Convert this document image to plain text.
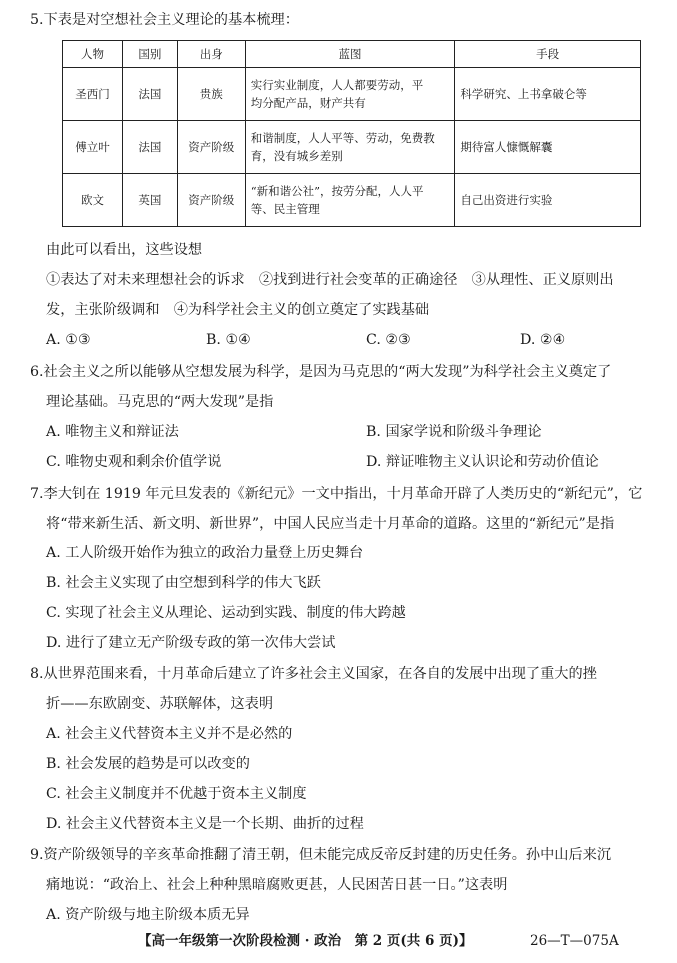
5.下表是对空想社会主义理论的基本梳理：
人物	国别	出身	蓝图	手段
圣西门	法国	贵族	实行实业制度，人人都要劳动，平
均分配产品，财产共有	科学研究、上书拿破仑等
傅立叶	法国	资产阶级	和谐制度，人人平等、劳动，免费教
育，没有城乡差别	期待富人慷慨解囊
欧文	英国	资产阶级	“新和谐公社”，按劳分配，人人平
等、民主管理	自己出资进行实验
由此可以看出，这些设想
①表达了对未来理想社会的诉求　②找到进行社会变革的正确途径　③从理性、正义原则出
发，主张阶级调和　④为科学社会主义的创立奠定了实践基础
A. ①③	B. ①④	C. ②③	D. ②④
6.社会主义之所以能够从空想发展为科学，是因为马克思的“两大发现”为科学社会主义奠定了
理论基础。马克思的“两大发现”是指
A. 唯物主义和辩证法	B. 国家学说和阶级斗争理论
C. 唯物史观和剩余价值学说	D. 辩证唯物主义认识论和劳动价值论
7.李大钊在 1919 年元旦发表的《新纪元》一文中指出，十月革命开辟了人类历史的“新纪元”，它
将“带来新生活、新文明、新世界”，中国人民应当走十月革命的道路。这里的“新纪元”是指
A. 工人阶级开始作为独立的政治力量登上历史舞台
B. 社会主义实现了由空想到科学的伟大飞跃
C. 实现了社会主义从理论、运动到实践、制度的伟大跨越
D. 进行了建立无产阶级专政的第一次伟大尝试
8.从世界范围来看，十月革命后建立了许多社会主义国家，在各自的发展中出现了重大的挫
折——东欧剧变、苏联解体，这表明
A. 社会主义代替资本主义并不是必然的
B. 社会发展的趋势是可以改变的
C. 社会主义制度并不优越于资本主义制度
D. 社会主义代替资本主义是一个长期、曲折的过程
9.资产阶级领导的辛亥革命推翻了清王朝，但未能完成反帝反封建的历史任务。孙中山后来沉
痛地说：“政治上、社会上种种黑暗腐败更甚，人民困苦日甚一日。”这表明
A. 资产阶级与地主阶级本质无异
【高一年级第一次阶段检测 · 政治　第 2 页(共 6 页)】	26—T—075A
